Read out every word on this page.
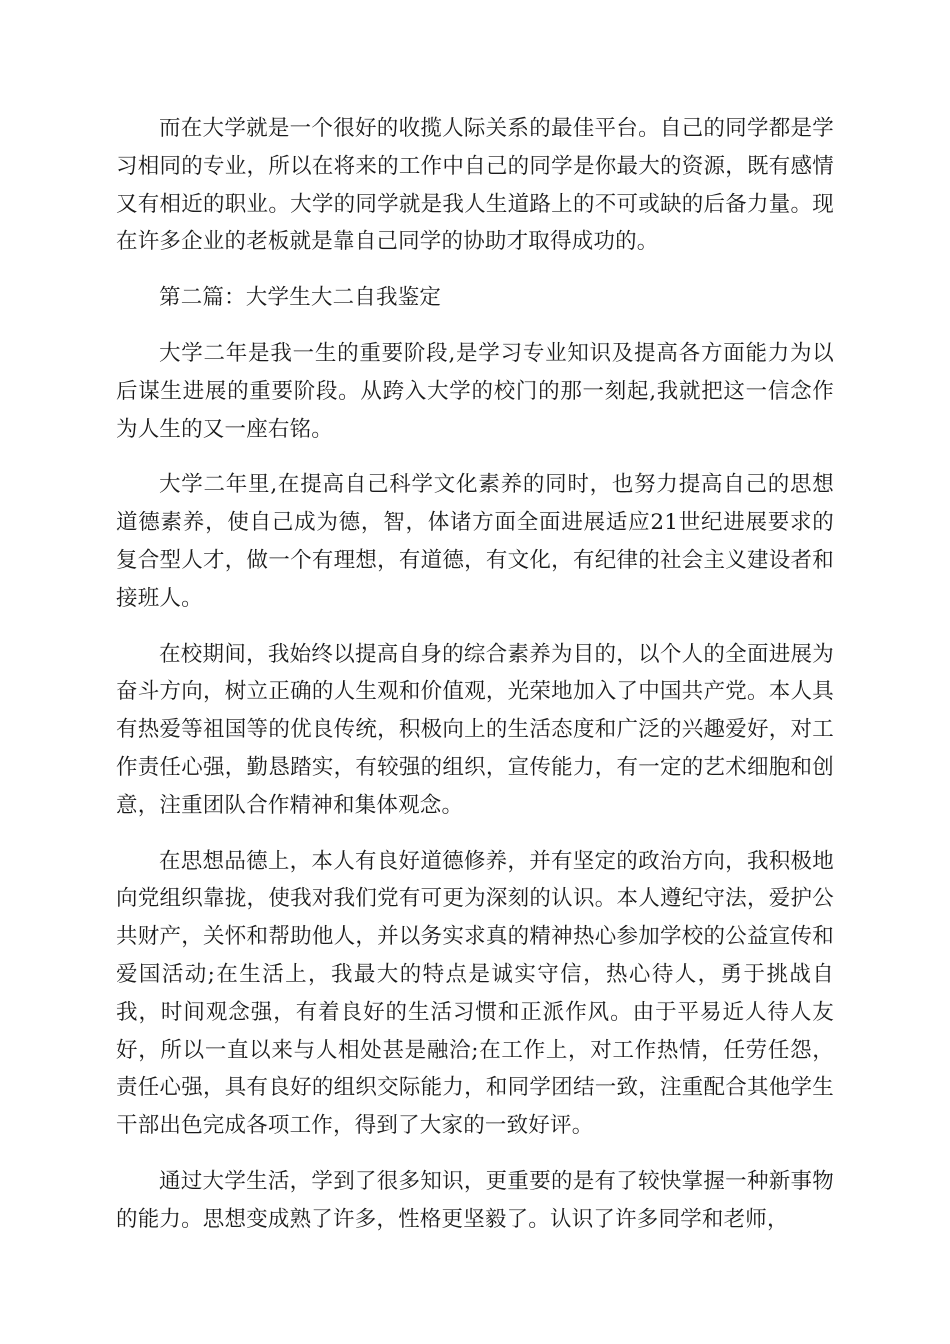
而在大学就是一个很好的收揽人际关系的最佳平台。自己的同学都是学习相同的专业，所以在将来的工作中自己的同学是你最大的资源，既有感情又有相近的职业。大学的同学就是我人生道路上的不可或缺的后备力量。现在许多企业的老板就是靠自己同学的协助才取得成功的。

第二篇：大学生大二自我鉴定

大学二年是我一生的重要阶段,是学习专业知识及提高各方面能力为以后谋生进展的重要阶段。从跨入大学的校门的那一刻起,我就把这一信念作为人生的又一座右铭。

大学二年里,在提高自己科学文化素养的同时，也努力提高自己的思想道德素养，使自己成为德，智，体诸方面全面进展适应21世纪进展要求的复合型人才，做一个有理想，有道德，有文化，有纪律的社会主义建设者和接班人。

在校期间，我始终以提高自身的综合素养为目的，以个人的全面进展为奋斗方向，树立正确的人生观和价值观，光荣地加入了中国共产党。本人具有热爱等祖国等的优良传统，积极向上的生活态度和广泛的兴趣爱好，对工作责任心强，勤恳踏实，有较强的组织，宣传能力，有一定的艺术细胞和创意，注重团队合作精神和集体观念。

在思想品德上，本人有良好道德修养，并有坚定的政治方向，我积极地向党组织靠拢，使我对我们党有可更为深刻的认识。本人遵纪守法，爱护公共财产，关怀和帮助他人，并以务实求真的精神热心参加学校的公益宣传和爱国活动;在生活上，我最大的特点是诚实守信，热心待人，勇于挑战自我，时间观念强，有着良好的生活习惯和正派作风。由于平易近人待人友好，所以一直以来与人相处甚是融洽;在工作上，对工作热情，任劳任怨，责任心强，具有良好的组织交际能力，和同学团结一致，注重配合其他学生干部出色完成各项工作，得到了大家的一致好评。

通过大学生活，学到了很多知识，更重要的是有了较快掌握一种新事物的能力。思想变成熟了许多，性格更坚毅了。认识了许多同学和老师，
